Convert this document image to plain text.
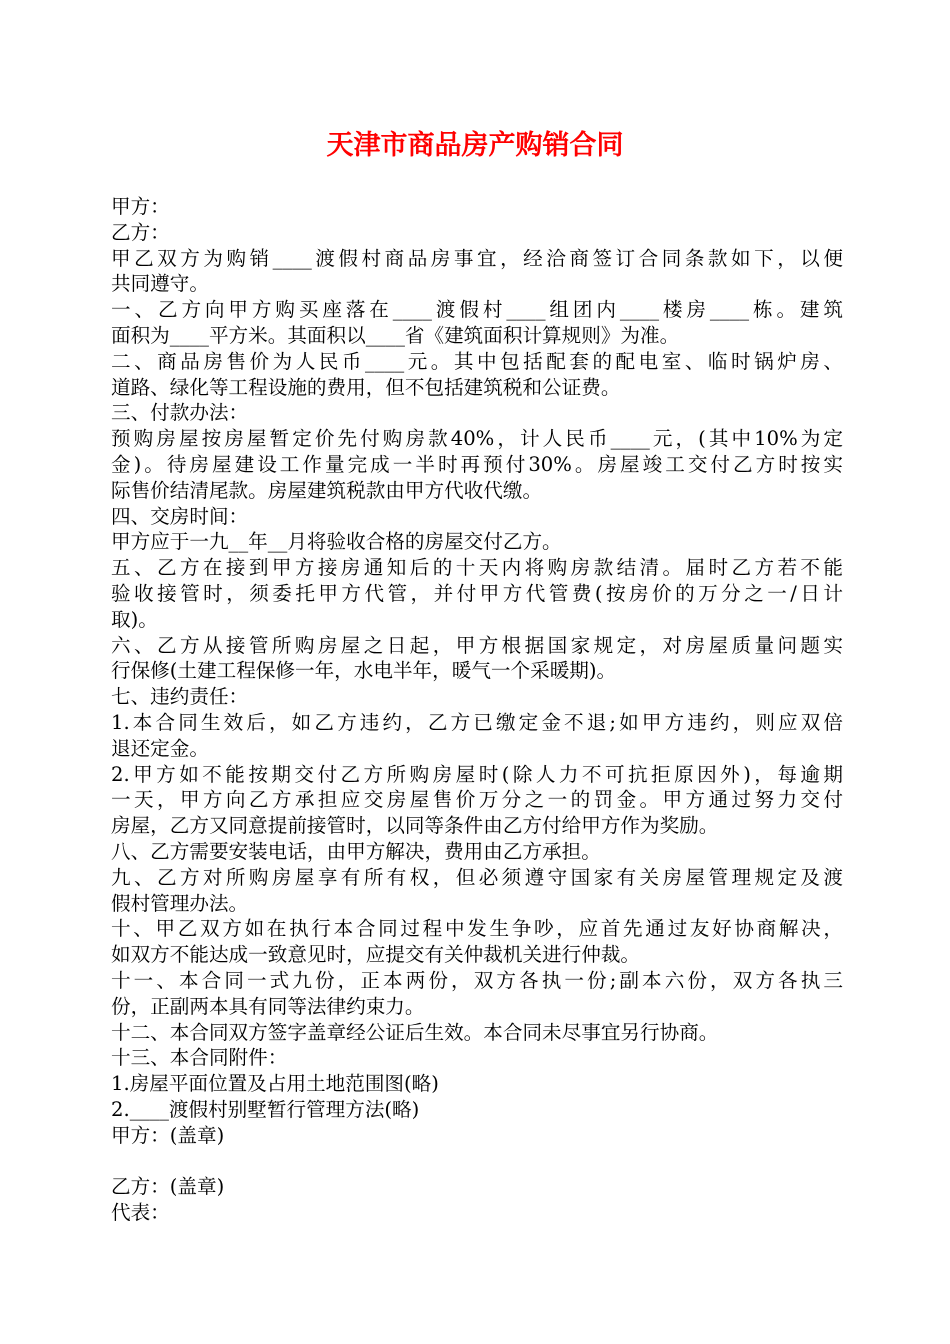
天津市商品房产购销合同
甲方：
乙方：
甲乙双方为购销____渡假村商品房事宜，经洽商签订合同条款如下，以便
共同遵守。
一、乙方向甲方购买座落在____渡假村____组团内____楼房____栋。建筑
面积为____平方米。其面积以____省《建筑面积计算规则》为准。
二、商品房售价为人民币____元。其中包括配套的配电室、临时锅炉房、
道路、绿化等工程设施的费用，但不包括建筑税和公证费。
三、付款办法：
预购房屋按房屋暂定价先付购房款40%，计人民币____元，(其中10%为定
金)。待房屋建设工作量完成一半时再预付30%。房屋竣工交付乙方时按实
际售价结清尾款。房屋建筑税款由甲方代收代缴。
四、交房时间：
甲方应于一九__年__月将验收合格的房屋交付乙方。
五、乙方在接到甲方接房通知后的十天内将购房款结清。届时乙方若不能
验收接管时，须委托甲方代管，并付甲方代管费(按房价的万分之一/日计
取)。
六、乙方从接管所购房屋之日起，甲方根据国家规定，对房屋质量问题实
行保修(土建工程保修一年，水电半年，暖气一个采暖期)。
七、违约责任：
1.本合同生效后，如乙方违约，乙方已缴定金不退;如甲方违约，则应双倍
退还定金。
2.甲方如不能按期交付乙方所购房屋时(除人力不可抗拒原因外)，每逾期
一天，甲方向乙方承担应交房屋售价万分之一的罚金。甲方通过努力交付
房屋，乙方又同意提前接管时，以同等条件由乙方付给甲方作为奖励。
八、乙方需要安装电话，由甲方解决，费用由乙方承担。
九、乙方对所购房屋享有所有权，但必须遵守国家有关房屋管理规定及渡
假村管理办法。
十、甲乙双方如在执行本合同过程中发生争吵，应首先通过友好协商解决，
如双方不能达成一致意见时，应提交有关仲裁机关进行仲裁。
十一、本合同一式九份，正本两份，双方各执一份;副本六份，双方各执三
份，正副两本具有同等法律约束力。
十二、本合同双方签字盖章经公证后生效。本合同未尽事宜另行协商。
十三、本合同附件：
1.房屋平面位置及占用土地范围图(略)
2.____渡假村别墅暂行管理方法(略)
甲方：(盖章)
乙方：(盖章)
代表：
